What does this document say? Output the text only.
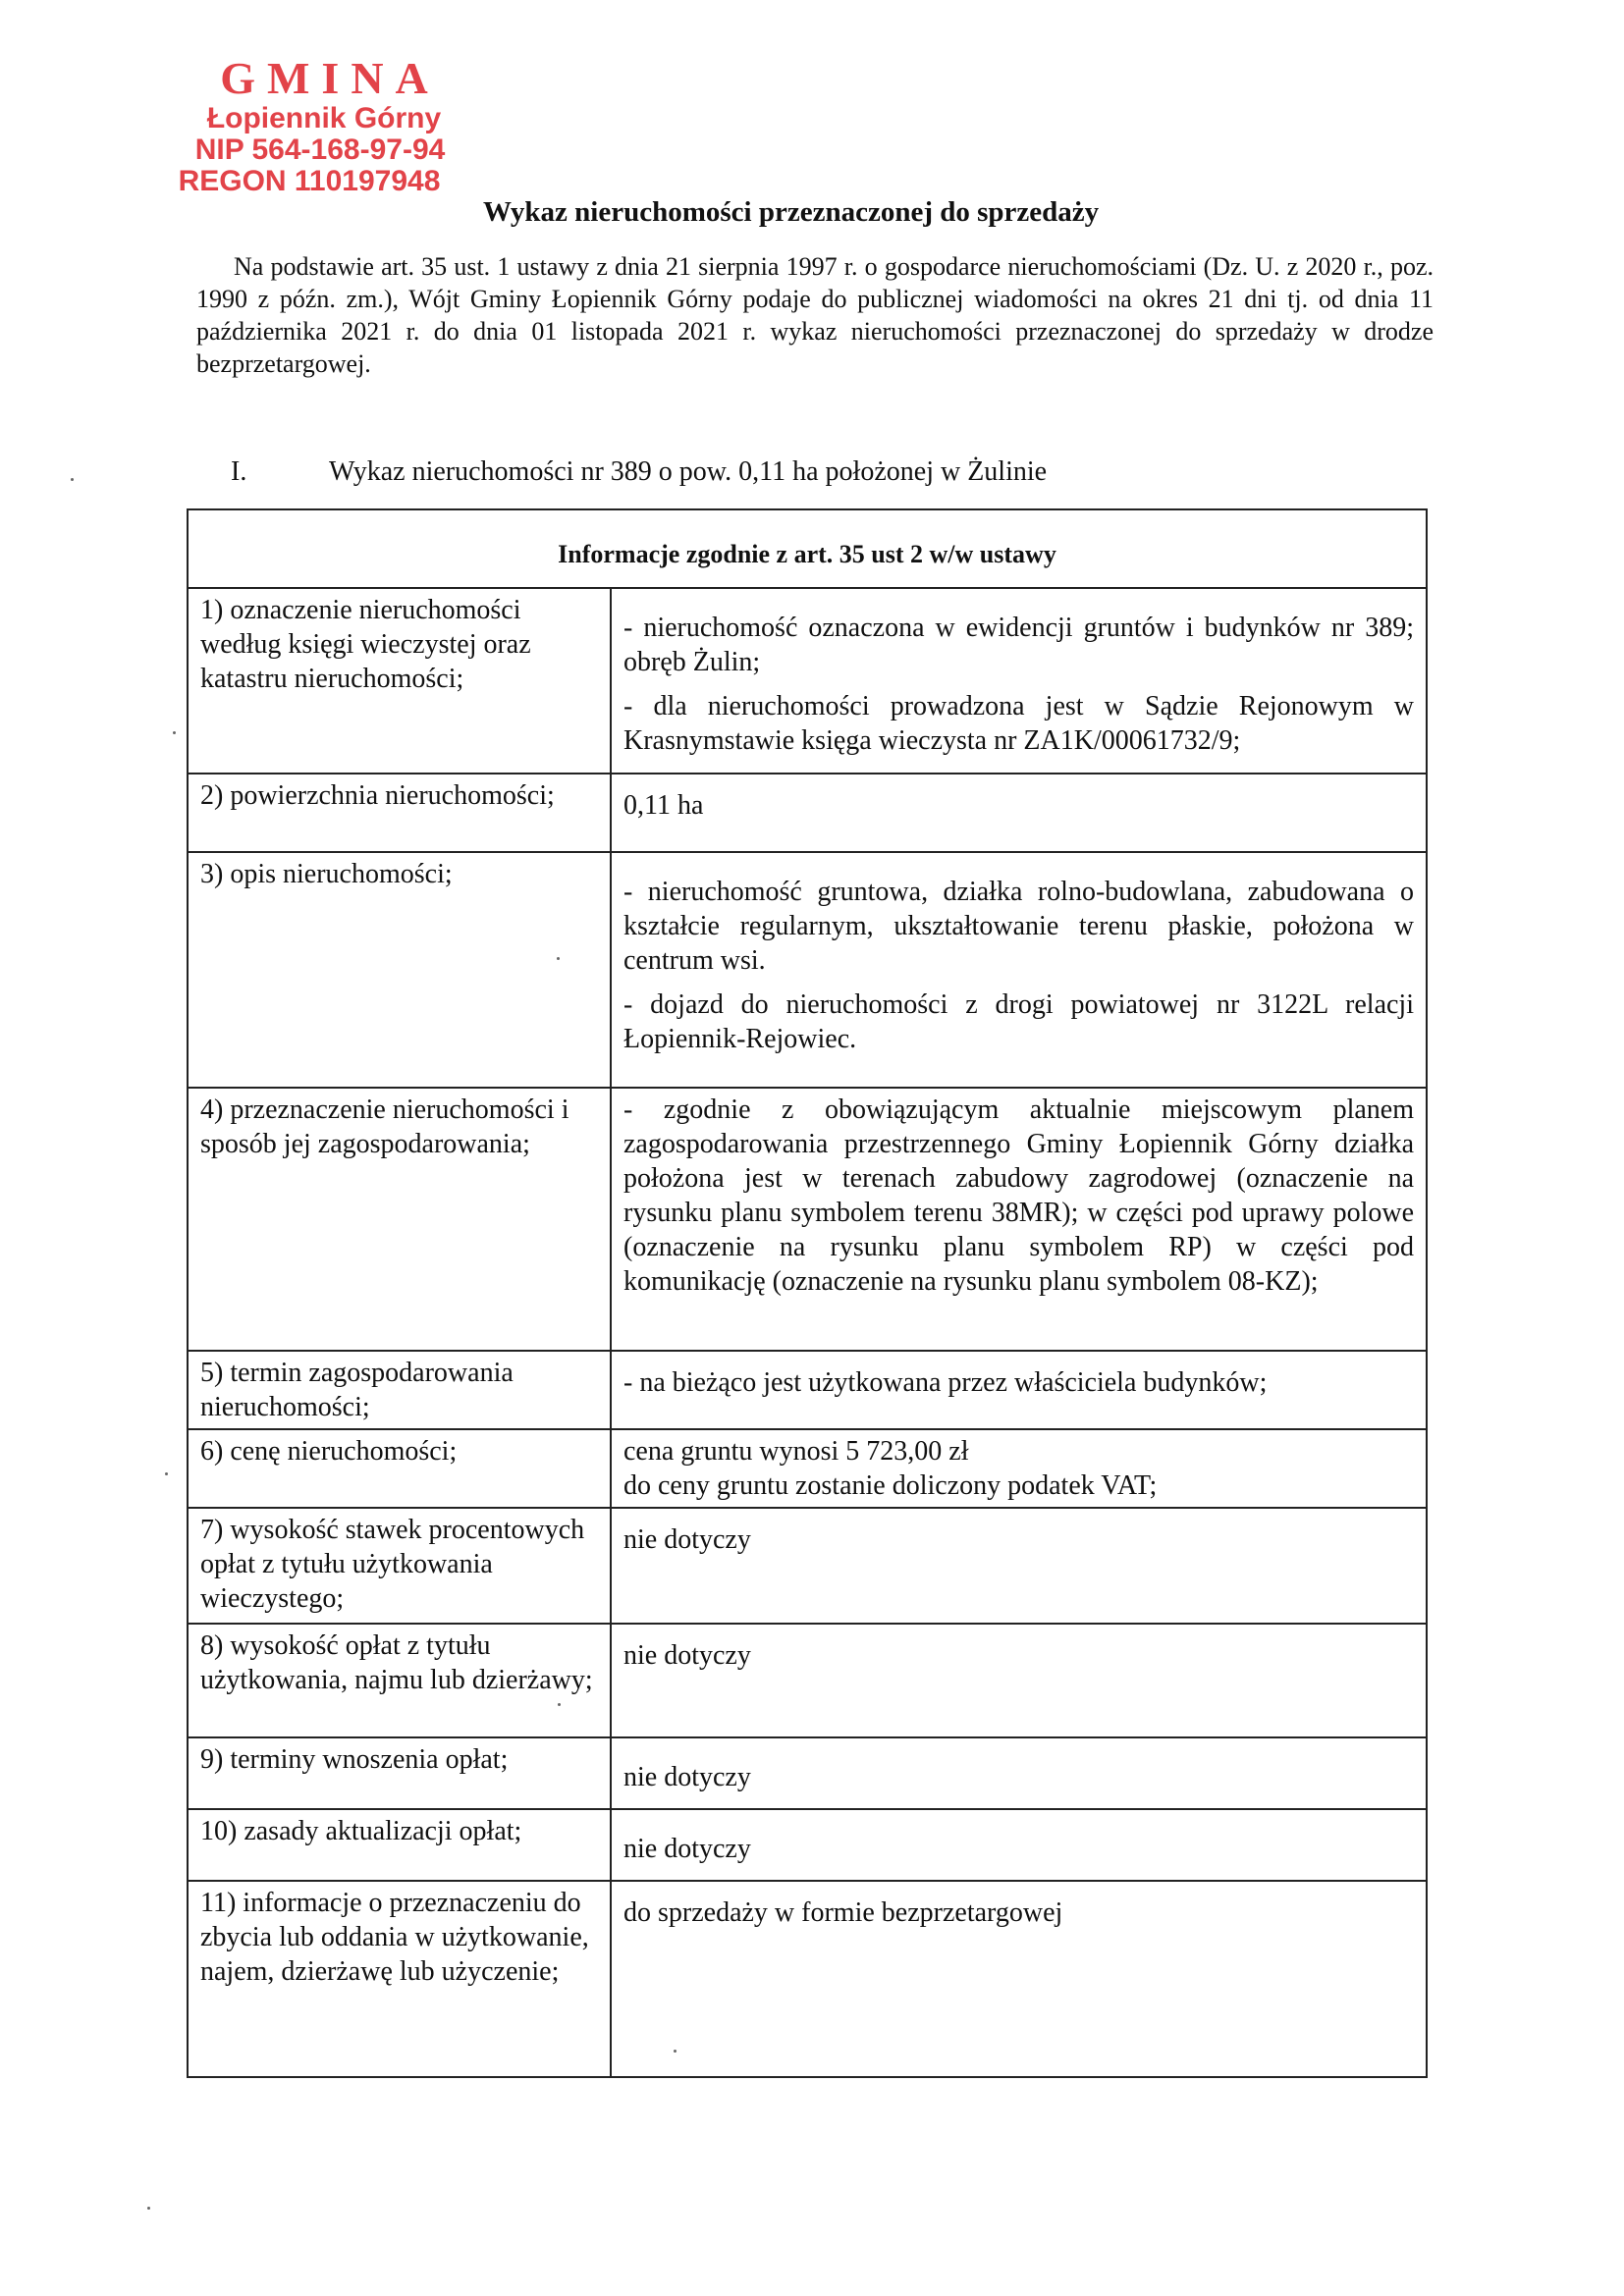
GMINA
Łopiennik Górny
NIP 564-168-97-94
REGON 110197948
Wykaz nieruchomości przeznaczonej do sprzedaży
Na podstawie art. 35 ust. 1 ustawy z dnia 21 sierpnia 1997 r. o gospodarce nieruchomościami (Dz. U. z 2020 r., poz. 1990 z późn. zm.), Wójt Gminy Łopiennik Górny podaje do publicznej wiadomości na okres 21 dni tj. od dnia 11 października 2021 r. do dnia 01 listopada 2021 r. wykaz nieruchomości przeznaczonej do sprzedaży w drodze bezprzetargowej.
I.	Wykaz nieruchomości nr 389 o pow. 0,11 ha położonej w Żulinie
Informacje zgodnie z art. 35 ust 2 w/w ustawy	
1) oznaczenie nieruchomości według księgi wieczystej oraz katastru nieruchomości;	- nieruchomość oznaczona w ewidencji gruntów i budynków nr 389; obręb Żulin;
- dla nieruchomości prowadzona jest w Sądzie Rejonowym w Krasnymstawie księga wieczysta nr ZA1K/00061732/9;

2) powierzchnia nieruchomości;	0,11 ha

3) opis nieruchomości;	- nieruchomość gruntowa, działka rolno-budowlana, zabudowana o kształcie regularnym, ukształtowanie terenu płaskie, położona w centrum wsi.
- dojazd do nieruchomości z drogi powiatowej nr 3122L relacji Łopiennik-Rejowiec.

4) przeznaczenie nieruchomości i sposób jej zagospodarowania;	- zgodnie z obowiązującym aktualnie miejscowym planem zagospodarowania przestrzennego Gminy Łopiennik Górny działka położona jest w terenach zabudowy zagrodowej (oznaczenie na rysunku planu symbolem terenu 38MR); w części pod uprawy polowe (oznaczenie na rysunku planu symbolem RP) w części pod komunikację (oznaczenie na rysunku planu symbolem 08-KZ);

5) termin zagospodarowania nieruchomości;	- na bieżąco jest użytkowana przez właściciela budynków;

6) cenę nieruchomości;	cena gruntu wynosi 5 723,00 zł
do ceny gruntu zostanie doliczony podatek VAT;

7) wysokość stawek procentowych opłat z tytułu użytkowania wieczystego;	nie dotyczy

8) wysokość opłat z tytułu użytkowania, najmu lub dzierżawy;	nie dotyczy

9) terminy wnoszenia opłat;	nie dotyczy

10) zasady aktualizacji opłat;	nie dotyczy

11) informacje o przeznaczeniu do zbycia lub oddania w użytkowanie, najem, dzierżawę lub użyczenie;	do sprzedaży w formie bezprzetargowej
